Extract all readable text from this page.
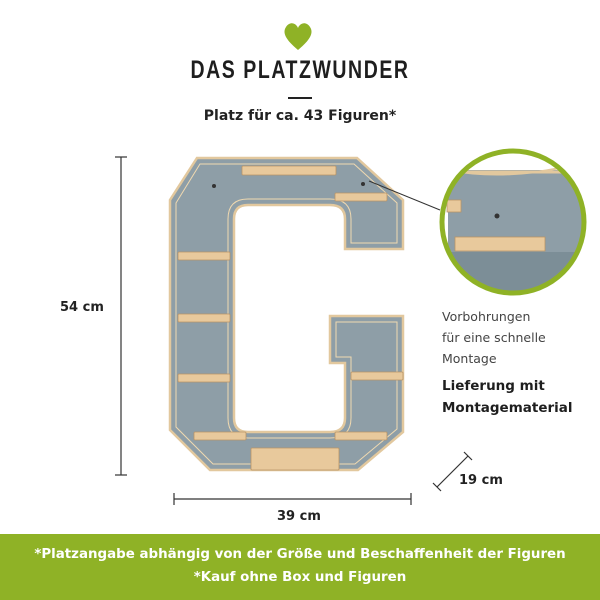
DAS PLATZWUNDER
Platz für ca. 43 Figuren*
54 cm
39 cm
19 cm
Vorbohrungen
für eine schnelle
Montage
Lieferung mit
Montagematerial
*Platzangabe abhängig von der Größe und Beschaffenheit der Figuren
*Kauf ohne Box und Figuren
